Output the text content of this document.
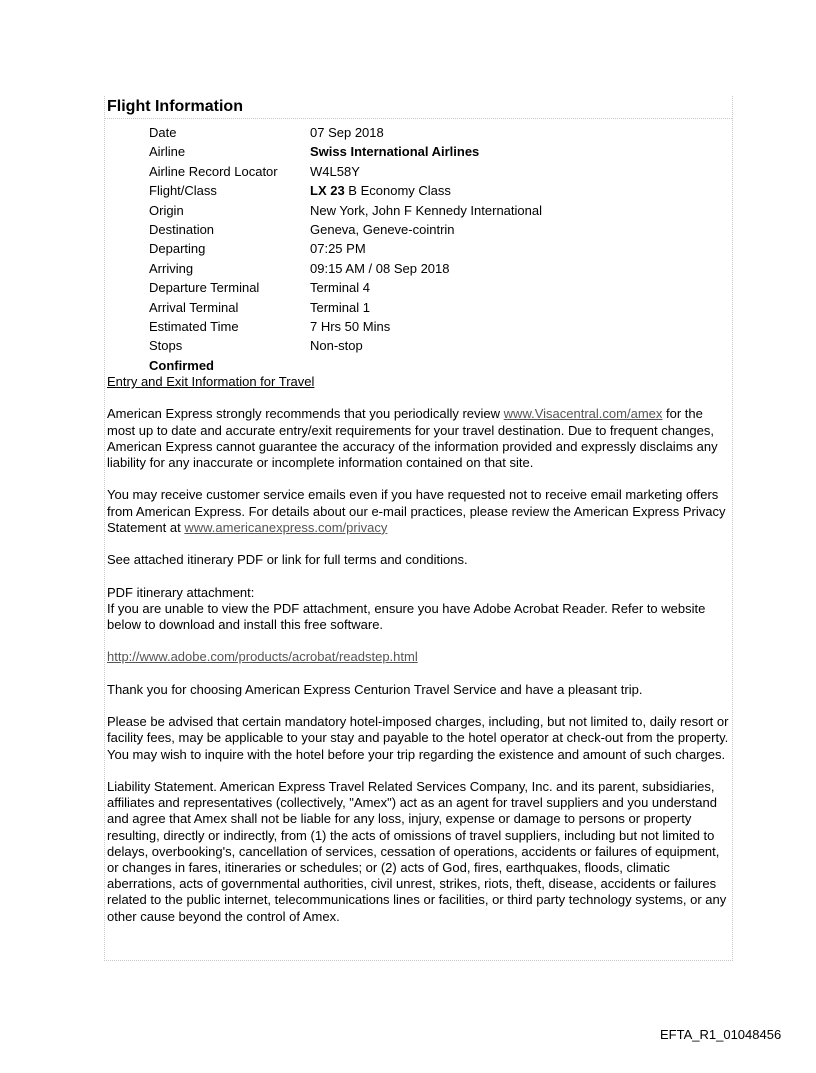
Flight Information
Date	07 Sep 2018
Airline	Swiss International Airlines
Airline Record Locator	W4L58Y
Flight/Class	LX 23 B Economy Class
Origin	New York, John F Kennedy International
Destination	Geneva, Geneve-cointrin
Departing	07:25 PM
Arriving	09:15 AM / 08 Sep 2018
Departure Terminal	Terminal 4
Arrival Terminal	Terminal 1
Estimated Time	7 Hrs 50 Mins
Stops	Non-stop
Confirmed
Entry and Exit Information for Travel

American Express strongly recommends that you periodically review www.Visacentral.com/amex for the most up to date and accurate entry/exit requirements for your travel destination. Due to frequent changes, American Express cannot guarantee the accuracy of the information provided and expressly disclaims any liability for any inaccurate or incomplete information contained on that site.

You may receive customer service emails even if you have requested not to receive email marketing offers from American Express. For details about our e-mail practices, please review the American Express Privacy Statement at www.americanexpress.com/privacy

See attached itinerary PDF or link for full terms and conditions.

PDF itinerary attachment:
If you are unable to view the PDF attachment, ensure you have Adobe Acrobat Reader. Refer to website below to download and install this free software.

http://www.adobe.com/products/acrobat/readstep.html

Thank you for choosing American Express Centurion Travel Service and have a pleasant trip.

Please be advised that certain mandatory hotel-imposed charges, including, but not limited to, daily resort or facility fees, may be applicable to your stay and payable to the hotel operator at check-out from the property. You may wish to inquire with the hotel before your trip regarding the existence and amount of such charges.

Liability Statement. American Express Travel Related Services Company, Inc. and its parent, subsidiaries, affiliates and representatives (collectively, "Amex") act as an agent for travel suppliers and you understand and agree that Amex shall not be liable for any loss, injury, expense or damage to persons or property resulting, directly or indirectly, from (1) the acts of omissions of travel suppliers, including but not limited to delays, overbooking's, cancellation of services, cessation of operations, accidents or failures of equipment, or changes in fares, itineraries or schedules; or (2) acts of God, fires, earthquakes, floods, climatic aberrations, acts of governmental authorities, civil unrest, strikes, riots, theft, disease, accidents or failures related to the public internet, telecommunications lines or facilities, or third party technology systems, or any other cause beyond the control of Amex.

EFTA_R1_01048456
